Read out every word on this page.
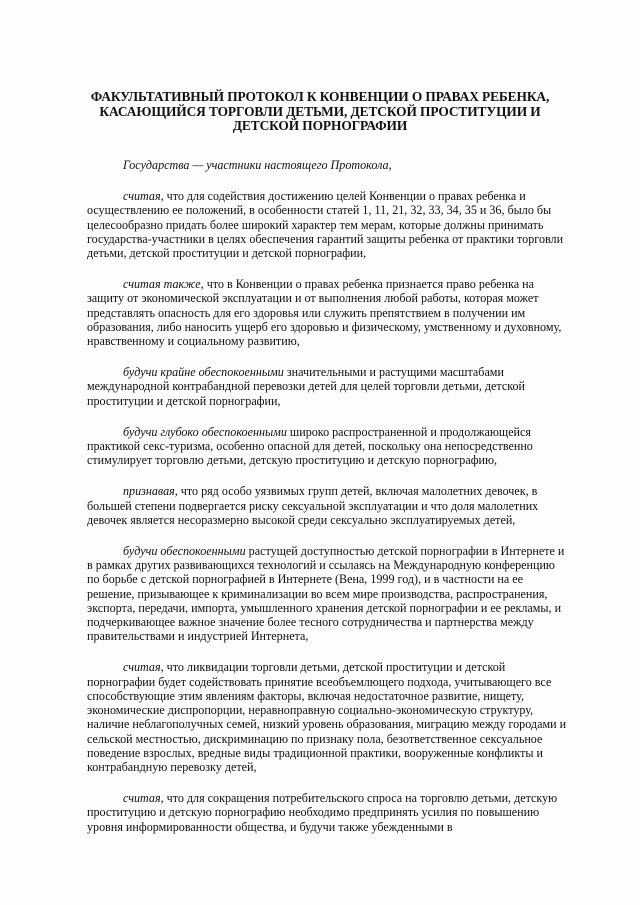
ФАКУЛЬТАТИВНЫЙ ПРОТОКОЛ К КОНВЕНЦИИ О ПРАВАХ РЕБЕНКА,
КАСАЮЩИЙСЯ ТОРГОВЛИ ДЕТЬМИ, ДЕТСКОЙ ПРОСТИТУЦИИ И
ДЕТСКОЙ ПОРНОГРАФИИ

Государства — участники настоящего Протокола,

считая, что для содействия достижению целей Конвенции о правах ребенка и осуществлению ее положений, в особенности статей 1, 11, 21, 32, 33, 34, 35 и 36, было бы целесообразно придать более широкий характер тем мерам, которые должны принимать государства-участники в целях обеспечения гарантий защиты ребенка от практики торговли детьми, детской проституции и детской порнографии,

считая также, что в Конвенции о правах ребенка признается право ребенка на защиту от экономической эксплуатации и от выполнения любой работы, которая может представлять опасность для его здоровья или служить препятствием в получении им образования, либо наносить ущерб его здоровью и физическому, умственному и духовному, нравственному и социальному развитию,

будучи крайне обеспокоенными значительными и растущими масштабами международной контрабандной перевозки детей для целей торговли детьми, детской проституции и детской порнографии,

будучи глубоко обеспокоенными широко распространенной и продолжающейся практикой секс-туризма, особенно опасной для детей, поскольку она непосредственно стимулирует торговлю детьми, детскую проституцию и детскую порнографию,

признавая, что ряд особо уязвимых групп детей, включая малолетних девочек, в большей степени подвергается риску сексуальной эксплуатации и что доля малолетних девочек является несоразмерно высокой среди сексуально эксплуатируемых детей,

будучи обеспокоенными растущей доступностью детской порнографии в Интернете и в рамках других развивающихся технологий и ссылаясь на Международную конференцию по борьбе с детской порнографией в Интернете (Вена, 1999 год), и в частности на ее решение, призывающее к криминализации во всем мире производства, распространения, экспорта, передачи, импорта, умышленного хранения детской порнографии и ее рекламы, и подчеркивающее важное значение более тесного сотрудничества и партнерства между правительствами и индустрией Интернета,

считая, что ликвидации торговли детьми, детской проституции и детской порнографии будет содействовать принятие всеобъемлющего подхода, учитывающего все способствующие этим явлениям факторы, включая недостаточное развитие, нищету, экономические диспропорции, неравноправную социально-экономическую структуру, наличие неблагополучных семей, низкий уровень образования, миграцию между городами и сельской местностью, дискриминацию по признаку пола, безответственное сексуальное поведение взрослых, вредные виды традиционной практики, вооруженные конфликты и контрабандную перевозку детей,

считая, что для сокращения потребительского спроса на торговлю детьми, детскую проституцию и детскую порнографию необходимо предпринять усилия по повышению уровня информированности общества, и будучи также убежденными в
